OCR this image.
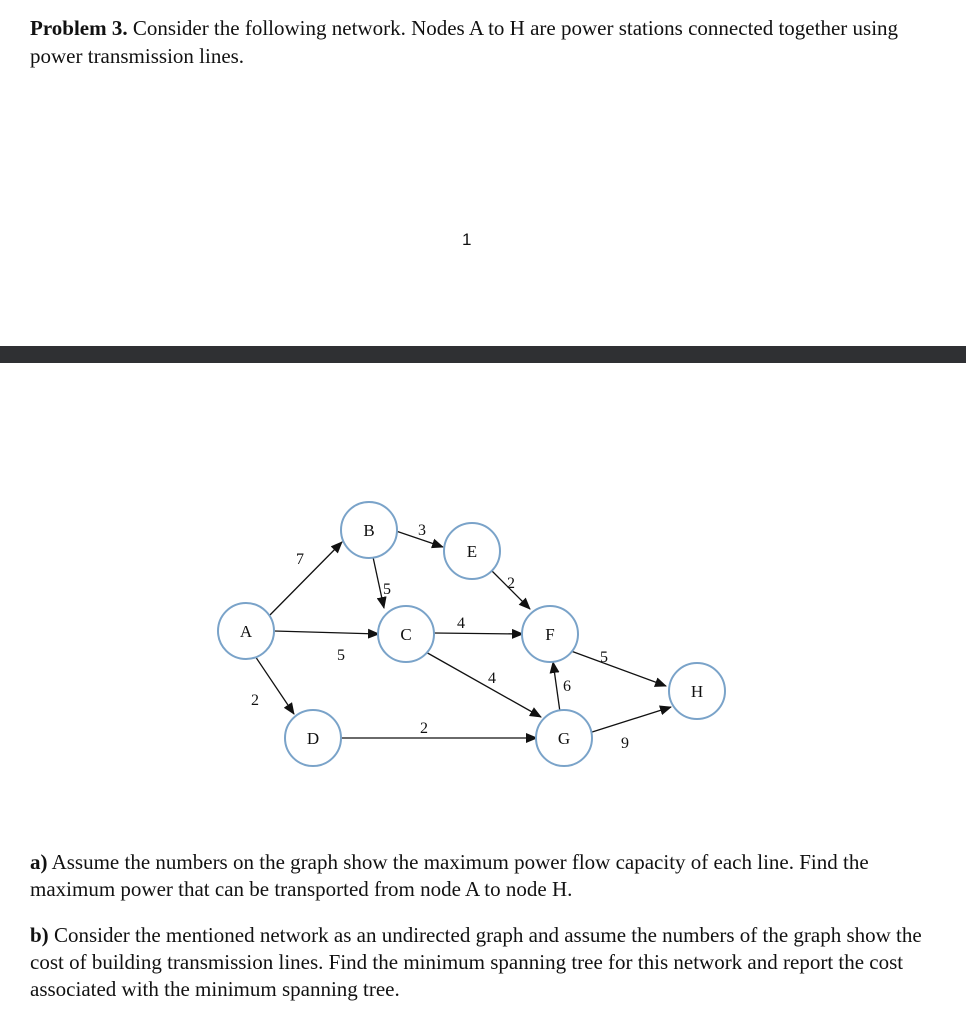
Problem 3. Consider the following network. Nodes A to H are power stations connected together using power transmission lines.

1
7
5
2
3
5
4
4
2
2
6
5
9
A
B
C
D
E
F
G
H

a) Assume the numbers on the graph show the maximum power flow capacity of each line. Find the maximum power that can be transported from node A to node H.

b) Consider the mentioned network as an undirected graph and assume the numbers of the graph show the cost of building transmission lines. Find the minimum spanning tree for this network and report the cost associated with the minimum spanning tree.
